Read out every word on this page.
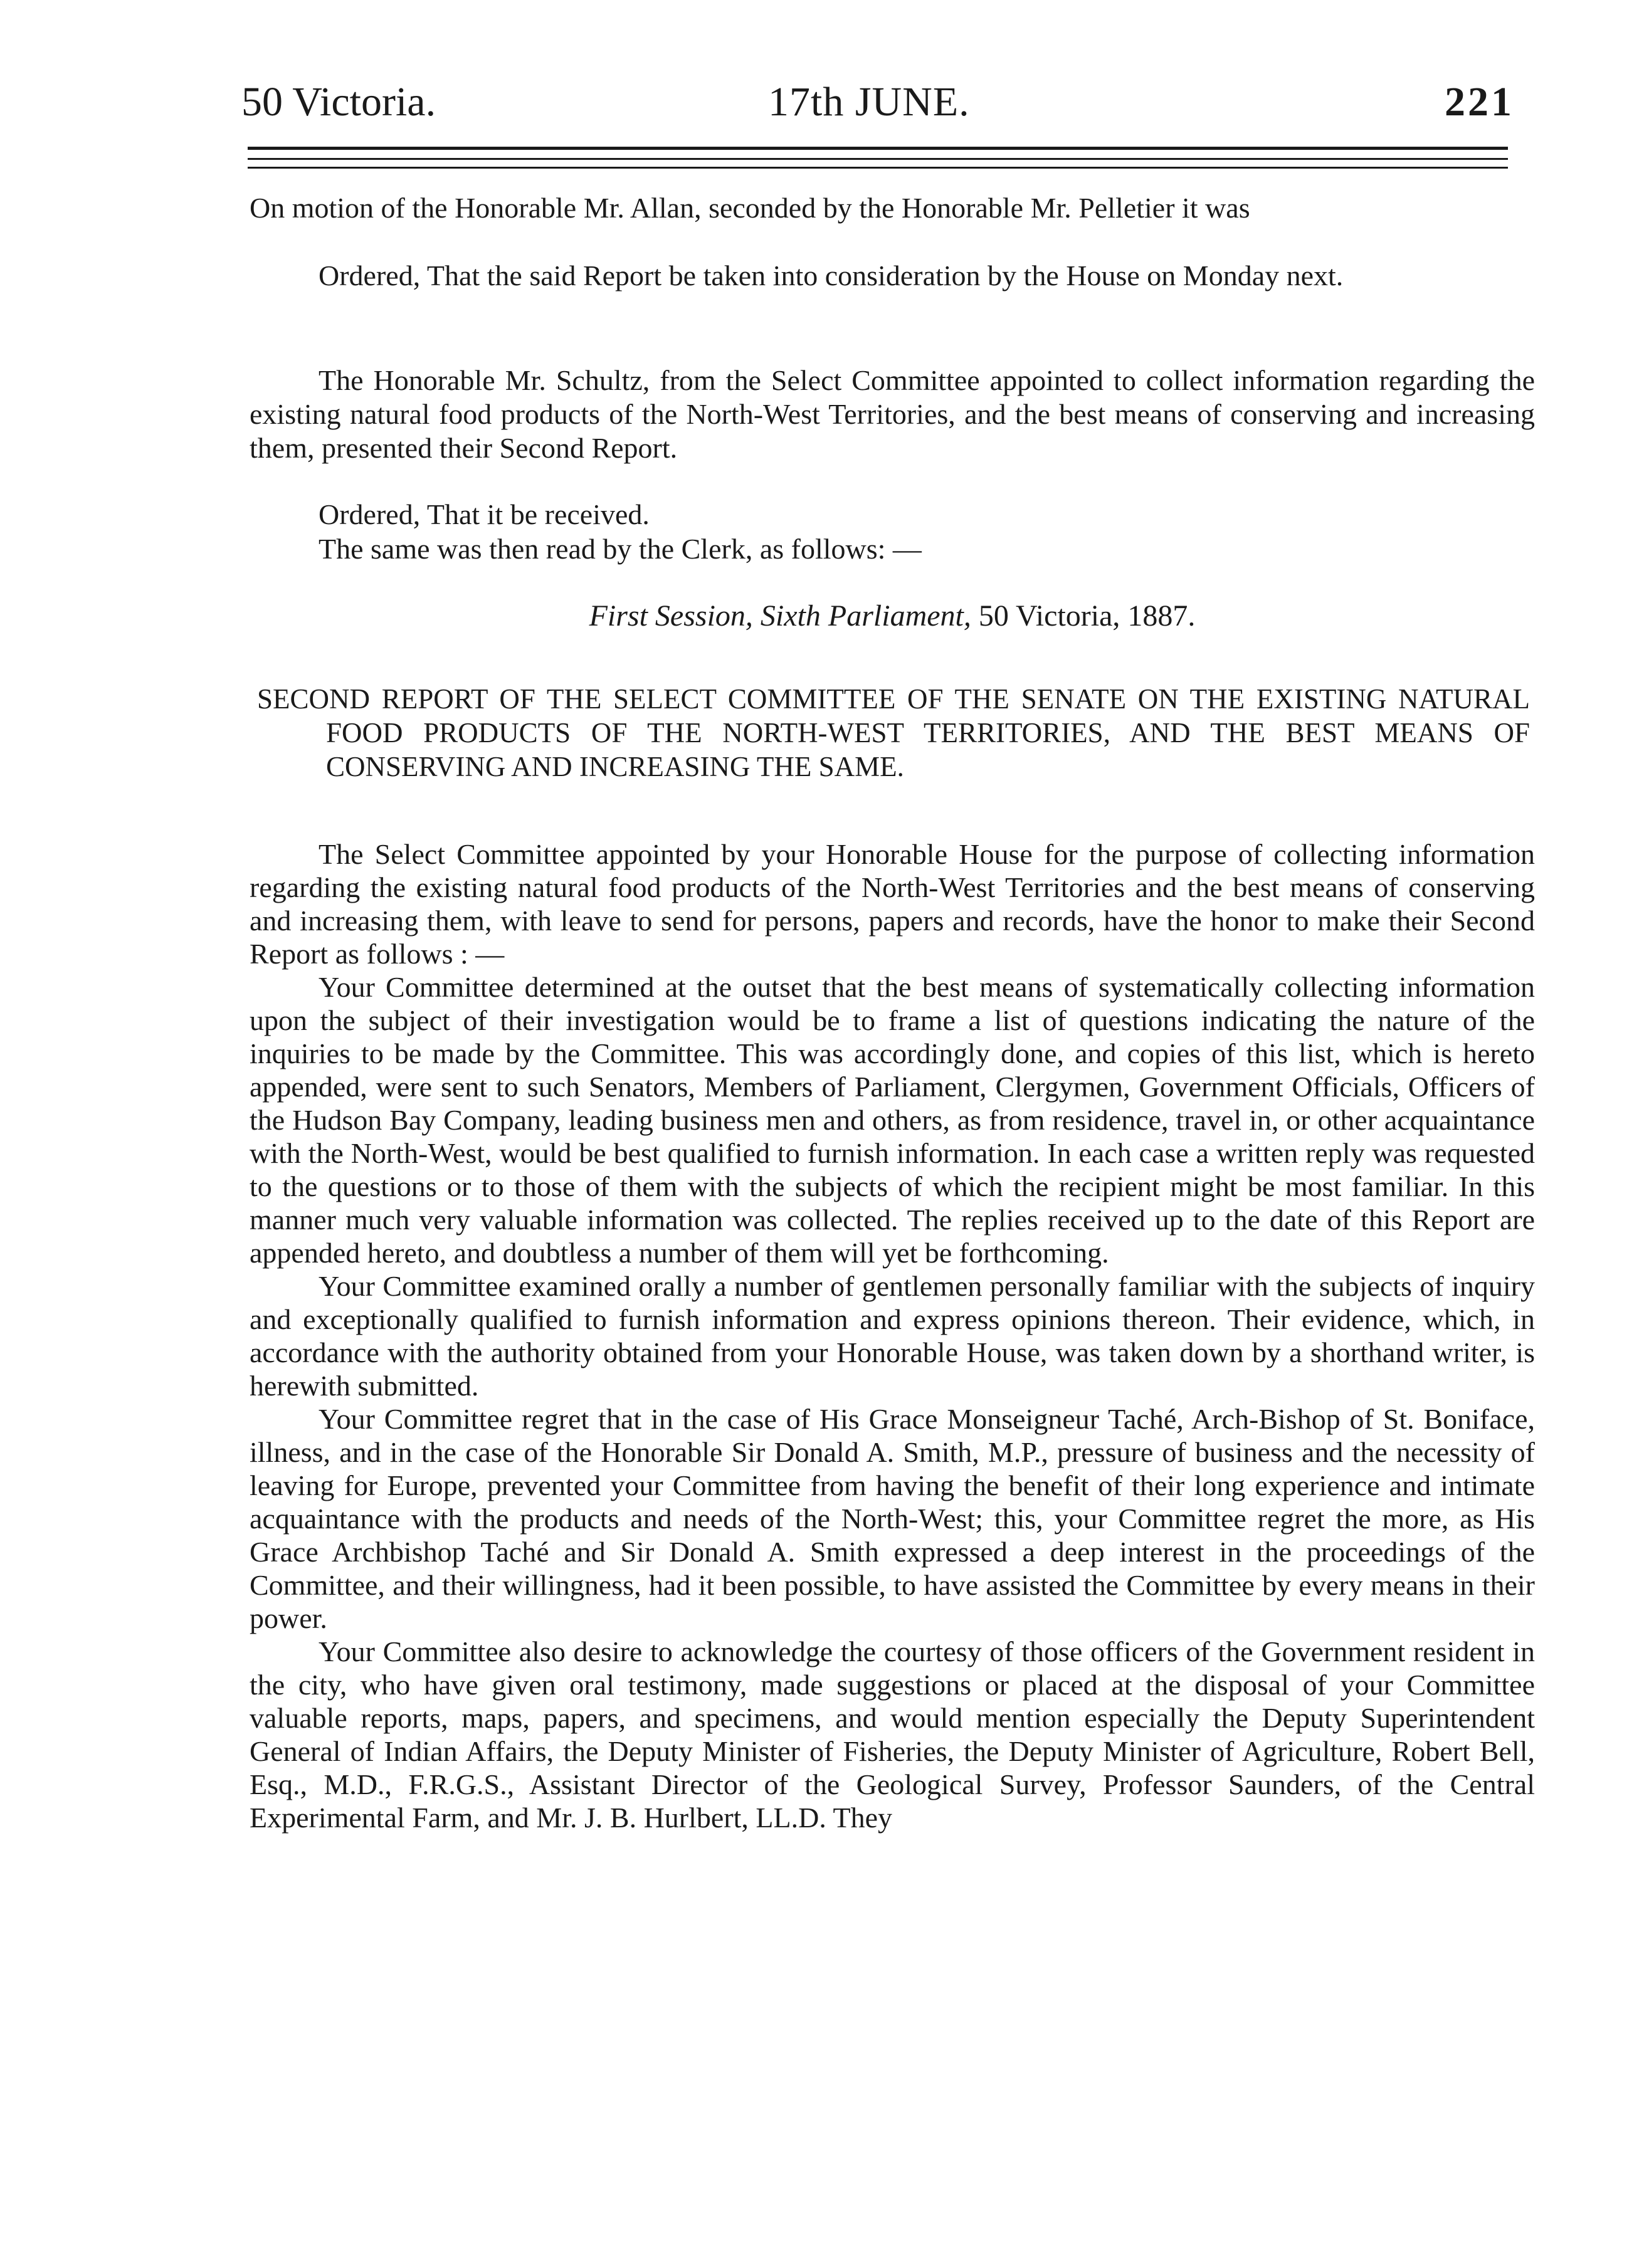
50 Victoria.	17th JUNE.	221
On motion of the Honorable Mr. Allan, seconded by the Honorable Mr. Pelletier it was
Ordered, That the said Report be taken into consideration by the House on Monday next.
The Honorable Mr. Schultz, from the Select Committee appointed to collect information regarding the existing natural food products of the North-West Territories, and the best means of conserving and increasing them, presented their Second Report.
Ordered, That it be received.
The same was then read by the Clerk, as follows: —
First Session, Sixth Parliament, 50 Victoria, 1887.
SECOND REPORT OF THE SELECT COMMITTEE OF THE SENATE ON THE EXISTING NATURAL FOOD PRODUCTS OF THE NORTH-WEST TERRITORIES, AND THE BEST MEANS OF CONSERVING AND INCREASING THE SAME.

The Select Committee appointed by your Honorable House for the purpose of collecting information regarding the existing natural food products of the North-West Territories and the best means of conserving and increasing them, with leave to send for persons, papers and records, have the honor to make their Second Report as follows : —

Your Committee determined at the outset that the best means of systematically collecting information upon the subject of their investigation would be to frame a list of questions indicating the nature of the inquiries to be made by the Committee. This was accordingly done, and copies of this list, which is hereto appended, were sent to such Senators, Members of Parliament, Clergymen, Government Officials, Officers of the Hudson Bay Company, leading business men and others, as from residence, travel in, or other acquaintance with the North-West, would be best qualified to furnish information. In each case a written reply was requested to the questions or to those of them with the subjects of which the recipient might be most familiar. In this manner much very valuable information was collected. The replies received up to the date of this Report are appended hereto, and doubtless a number of them will yet be forthcoming.

Your Committee examined orally a number of gentlemen personally familiar with the subjects of inquiry and exceptionally qualified to furnish information and express opinions thereon. Their evidence, which, in accordance with the authority obtained from your Honorable House, was taken down by a shorthand writer, is herewith submitted.

Your Committee regret that in the case of His Grace Monseigneur Taché, Arch-Bishop of St. Boniface, illness, and in the case of the Honorable Sir Donald A. Smith, M.P., pressure of business and the necessity of leaving for Europe, prevented your Committee from having the benefit of their long experience and intimate acquaintance with the products and needs of the North-West; this, your Committee regret the more, as His Grace Archbishop Taché and Sir Donald A. Smith expressed a deep interest in the proceedings of the Committee, and their willingness, had it been possible, to have assisted the Committee by every means in their power.

Your Committee also desire to acknowledge the courtesy of those officers of the Government resident in the city, who have given oral testimony, made suggestions or placed at the disposal of your Committee valuable reports, maps, papers, and specimens, and would mention especially the Deputy Superintendent General of Indian Affairs, the Deputy Minister of Fisheries, the Deputy Minister of Agriculture, Robert Bell, Esq., M.D., F.R.G.S., Assistant Director of the Geological Survey, Professor Saunders, of the Central Experimental Farm, and Mr. J. B. Hurlbert, LL.D. They
